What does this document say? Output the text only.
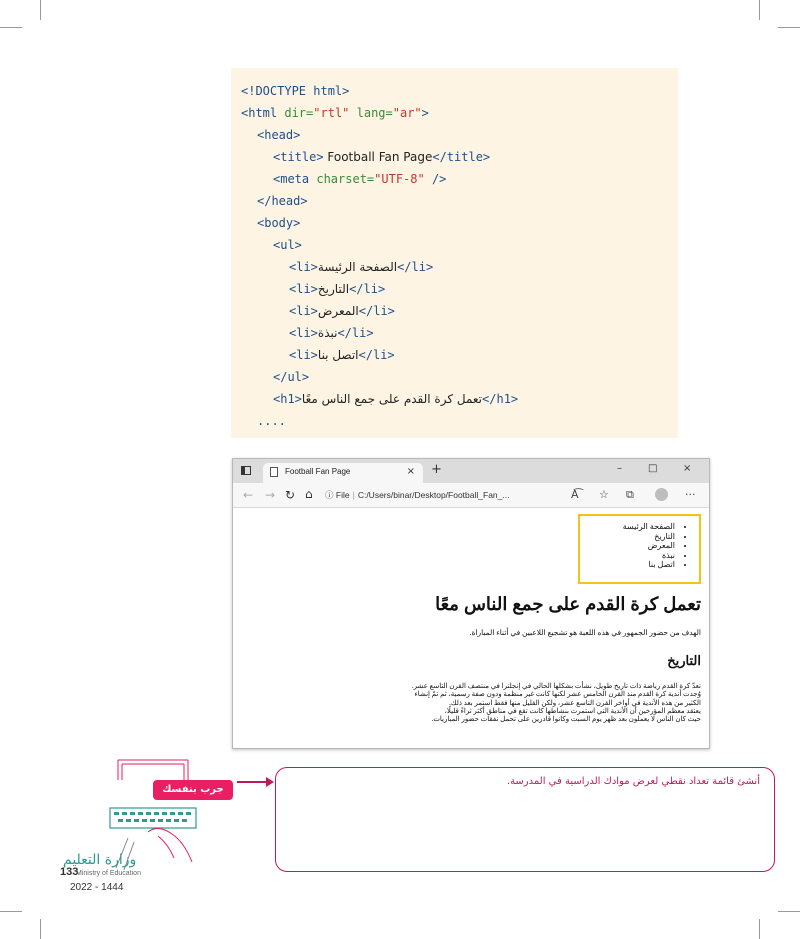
<!DOCTYPE html>
<html dir="rtl" lang="ar">
<head>
<title> Football Fan Page</title>
<meta charset="UTF-8" />
</head>
<body>
<ul>
<li>الصفحة الرئيسة</li>
<li>التاريخ</li>
<li>المعرض</li>
<li>نبذة</li>
<li>اتصل بنا</li>
</ul>
<h1>تعمل كرة القدم على جمع الناس معًا</h1>
....
Football Fan Page	× +	–	□	×
← → ↻ ⌂ ⓘ File | C:/Users/binar/Desktop/Football_Fan_...	A͡ ☆ ⧉	···
• الصفحة الرئيسة
• التاريخ
• المعرض
• نبذة
• اتصل بنا
تعمل كرة القدم على جمع الناس معًا
الهدف من حضور الجمهور في هذه اللعبة هو تشجيع اللاعبين في أثناء المباراة.
التاريخ
تعدّ كرة القدم رياضة ذات تاريخ طويل، نشأت بشكلها الحالي في إنجلترا في منتصف القرن التاسع عشر.
وُجدت أندية كرة القدم منذ القرن الخامس عشر لكنها كانت غير منظمة ودون صفة رسمية، ثم تمّ إنشاء
الكثير من هذه الأندية في أواخر القرن التاسع عشر، ولكن القليل منها فقط استمر بعد ذلك.
يعتقد معظم المؤرخين أن الأندية التي استمرت بنشاطها كانت تقع في مناطق أكثر ثراءً قليلًا،
حيث كان الناس لا يعملون بعد ظهر يوم السبت وكانوا قادرين على تحمل نفقات حضور المباريات.
جرب بنفسك
أنشئ قائمة تعداد نقطي لعرض موادك الدراسية في المدرسة.
وزارة التعليم
133
Ministry of Education
2022 - 1444
